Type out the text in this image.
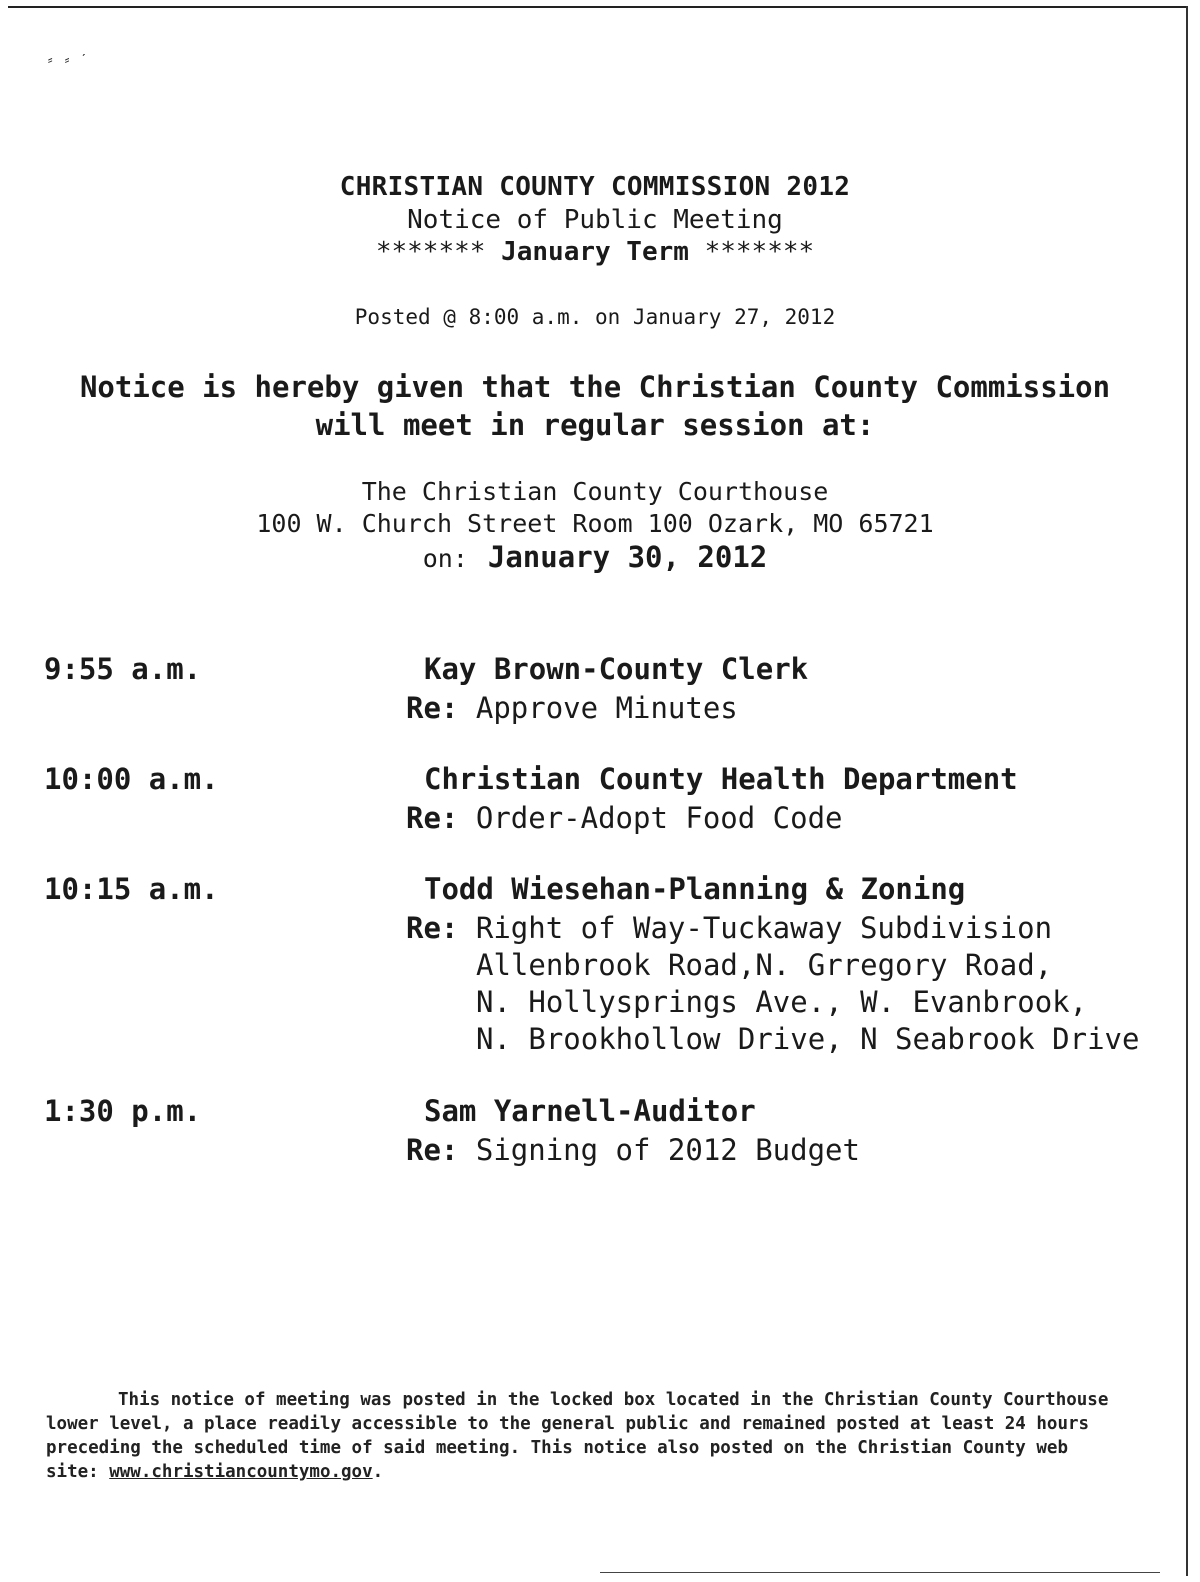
⸗ ⸗ ˊ
CHRISTIAN COUNTY COMMISSION 2012
Notice of Public Meeting
******* January Term *******
Posted @ 8:00 a.m. on January 27, 2012
Notice is hereby given that the Christian County Commission
will meet in regular session at:
The Christian County Courthouse
100 W. Church Street Room 100 Ozark, MO 65721
on: January 30, 2012
9:55 a.m.	Kay Brown-County Clerk
Re: Approve Minutes
10:00 a.m.	Christian County Health Department
Re: Order-Adopt Food Code
10:15 a.m.	Todd Wiesehan-Planning & Zoning
Re: Right of Way-Tuckaway Subdivision
Allenbrook Road,N. Grregory Road,
N. Hollysprings Ave., W. Evanbrook,
N. Brookhollow Drive, N Seabrook Drive
1:30 p.m.	Sam Yarnell-Auditor
Re: Signing of 2012 Budget
This notice of meeting was posted in the locked box located in the Christian County Courthouse
lower level, a place readily accessible to the general public and remained posted at least 24 hours
preceding the scheduled time of said meeting. This notice also posted on the Christian County web
site: www.christiancountymo.gov.
